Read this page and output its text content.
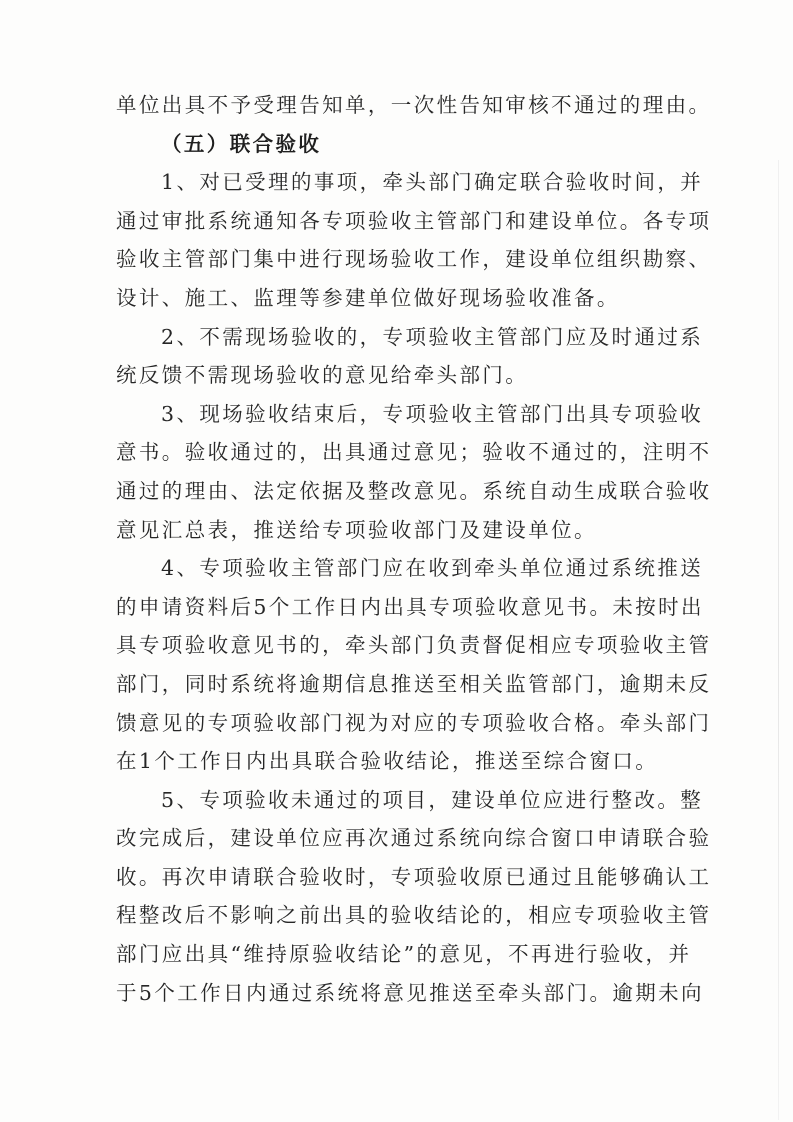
单位出具不予受理告知单，一次性告知审核不通过的理由。
（五）联合验收
1、对已受理的事项，牵头部门确定联合验收时间，并
通过审批系统通知各专项验收主管部门和建设单位。各专项
验收主管部门集中进行现场验收工作，建设单位组织勘察、
设计、施工、监理等参建单位做好现场验收准备。
2、不需现场验收的，专项验收主管部门应及时通过系
统反馈不需现场验收的意见给牵头部门。
3、现场验收结束后，专项验收主管部门出具专项验收
意书。验收通过的，出具通过意见；验收不通过的，注明不
通过的理由、法定依据及整改意见。系统自动生成联合验收
意见汇总表，推送给专项验收部门及建设单位。
4、专项验收主管部门应在收到牵头单位通过系统推送
的申请资料后5个工作日内出具专项验收意见书。未按时出
具专项验收意见书的，牵头部门负责督促相应专项验收主管
部门，同时系统将逾期信息推送至相关监管部门，逾期未反
馈意见的专项验收部门视为对应的专项验收合格。牵头部门
在1个工作日内出具联合验收结论，推送至综合窗口。
5、专项验收未通过的项目，建设单位应进行整改。整
改完成后，建设单位应再次通过系统向综合窗口申请联合验
收。再次申请联合验收时，专项验收原已通过且能够确认工
程整改后不影响之前出具的验收结论的，相应专项验收主管
部门应出具“维持原验收结论”的意见，不再进行验收，并
于5个工作日内通过系统将意见推送至牵头部门。逾期未向
